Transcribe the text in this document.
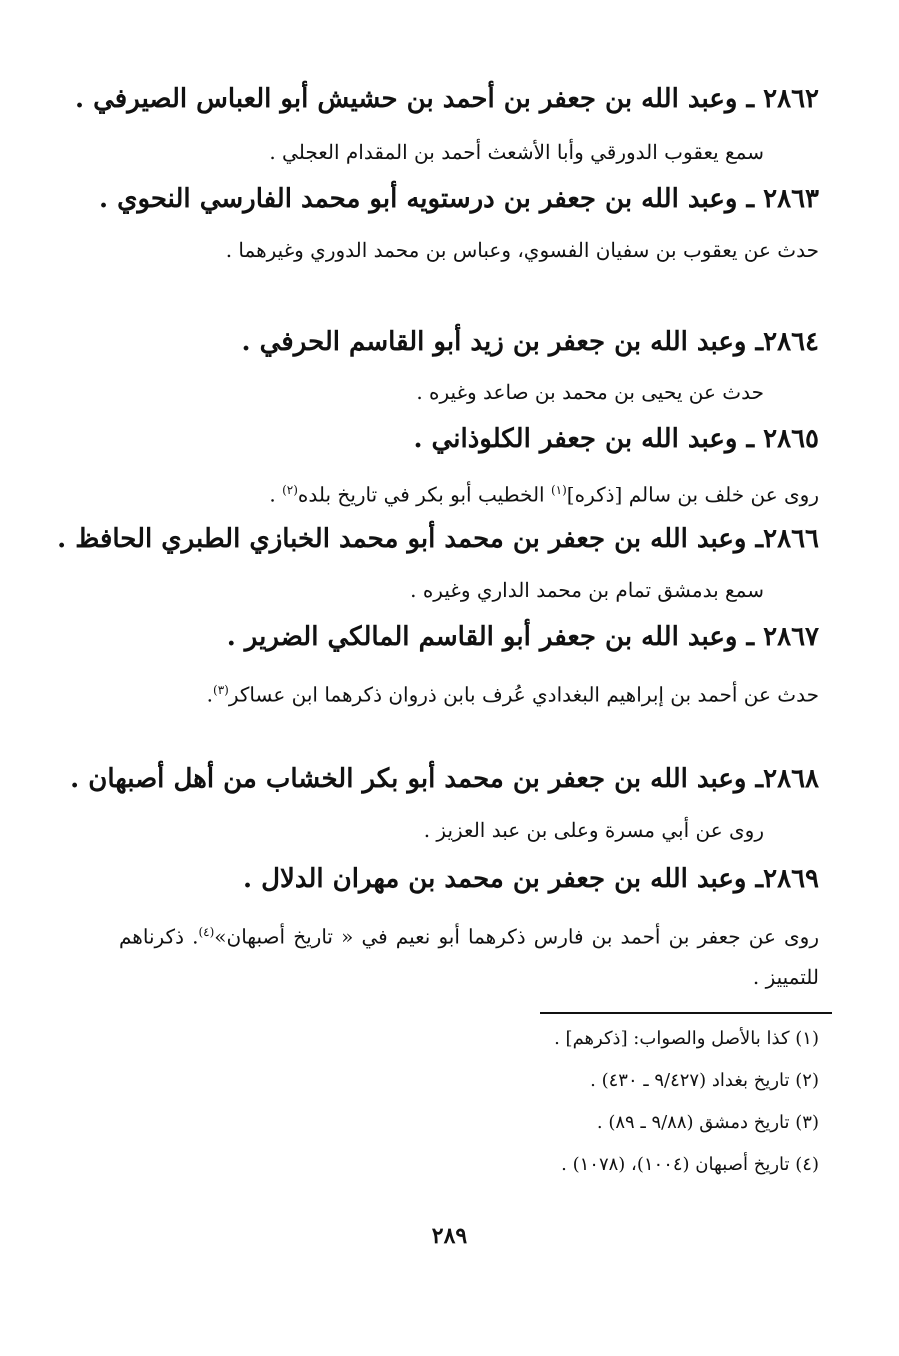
٢٨٦٢ ـ وعبد الله بن جعفر بن أحمد بن حشيش أبو العباس الصيرفي .
سمع يعقوب الدورقي وأبا الأشعث أحمد بن المقدام العجلي .
٢٨٦٣ ـ وعبد الله بن جعفر بن درستويه أبو محمد الفارسي النحوي .
حدث عن يعقوب بن سفيان الفسوي، وعباس بن محمد الدوري وغيرهما .
٢٨٦٤ـ وعبد الله بن جعفر بن زيد أبو القاسم الحرفي .
حدث عن يحيى بن محمد بن صاعد وغيره .
٢٨٦٥ ـ وعبد الله بن جعفر الكلوذاني .
روى عن خلف بن سالم [ذكره]$^{(١)}$ الخطيب أبو بكر في تاريخ بلده$^{(٢)}$ .
٢٨٦٦ـ وعبد الله بن جعفر بن محمد أبو محمد الخبازي الطبري الحافظ .
سمع بدمشق تمام بن محمد الداري وغيره .
٢٨٦٧ ـ وعبد الله بن جعفر أبو القاسم المالكي الضرير .
حدث عن أحمد بن إبراهيم البغدادي عُرف بابن ذروان ذكرهما ابن عساكر$^{(٣)}$.
٢٨٦٨ـ وعبد الله بن جعفر بن محمد أبو بكر الخشاب من أهل أصبهان .
روى عن أبي مسرة وعلى بن عبد العزيز .
٢٨٦٩ـ وعبد الله بن جعفر بن محمد بن مهران الدلال .
روى عن جعفر بن أحمد بن فارس ذكرهما أبو نعيم في « تاريخ أصبهان»$^{(٤)}$. ذكرناهم للتمييز .
(١) كذا بالأصل والصواب: [ذكرهم] .
(٢) تاريخ بغداد (٩/٤٢٧ ـ ٤٣٠) .
(٣) تاريخ دمشق (٩/٨٨ ـ ٨٩) .
(٤) تاريخ أصبهان (١٠٠٤)، (١٠٧٨) .
٢٨٩
